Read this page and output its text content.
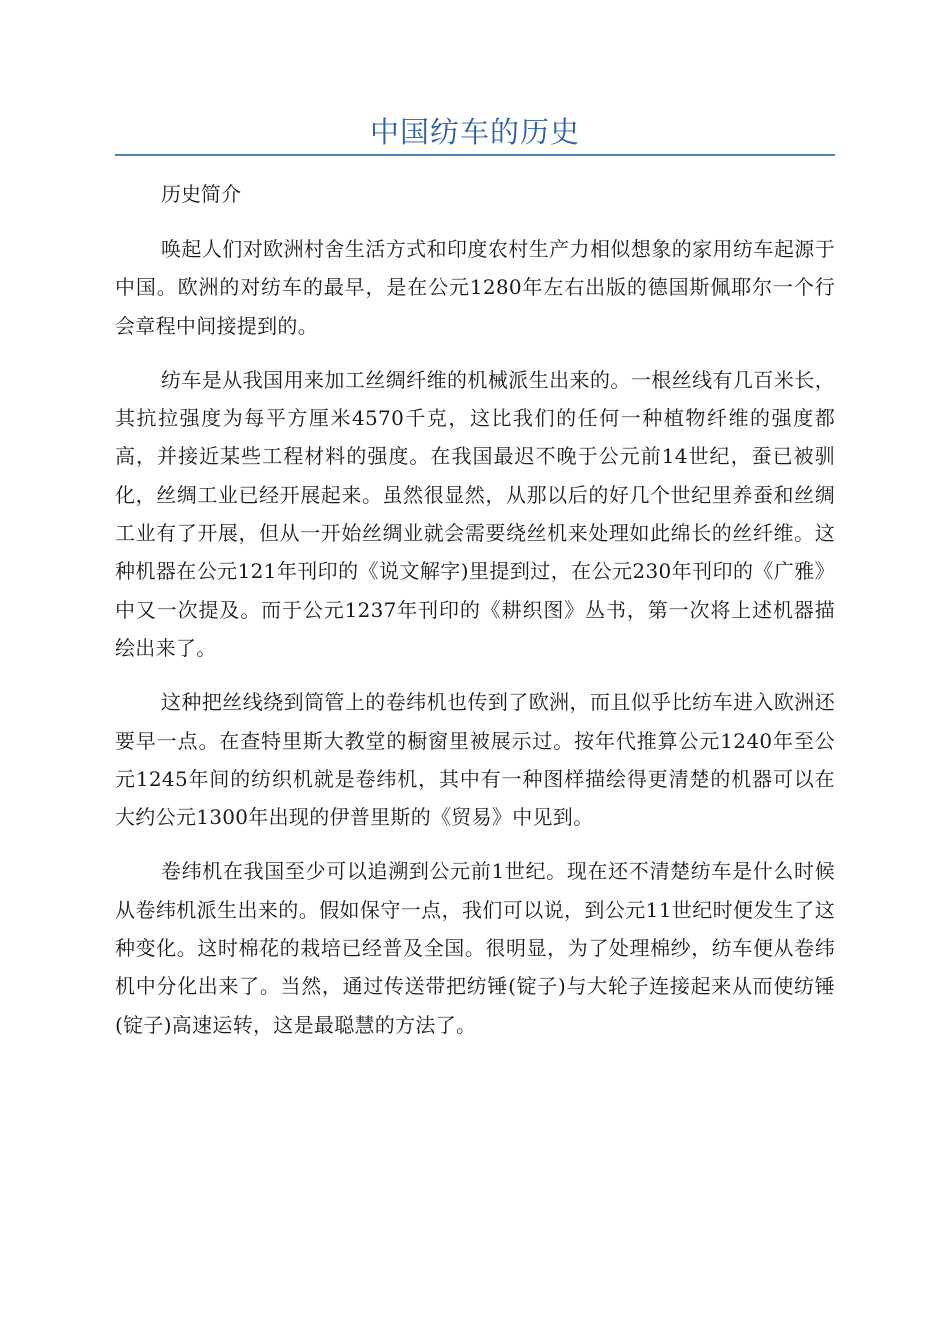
中国纺车的历史

历史简介

唤起人们对欧洲村舍生活方式和印度农村生产力相似想象的家用纺车起源于中国。欧洲的对纺车的最早，是在公元1280年左右出版的德国斯佩耶尔一个行会章程中间接提到的。

纺车是从我国用来加工丝绸纤维的机械派生出来的。一根丝线有几百米长，其抗拉强度为每平方厘米4570千克，这比我们的任何一种植物纤维的强度都高，并接近某些工程材料的强度。在我国最迟不晚于公元前14世纪，蚕已被驯化，丝绸工业已经开展起来。虽然很显然，从那以后的好几个世纪里养蚕和丝绸工业有了开展，但从一开始丝绸业就会需要绕丝机来处理如此绵长的丝纤维。这种机器在公元121年刊印的《说文解字)里提到过，在公元230年刊印的《广雅》中又一次提及。而于公元1237年刊印的《耕织图》丛书，第一次将上述机器描绘出来了。

这种把丝线绕到筒管上的卷纬机也传到了欧洲，而且似乎比纺车进入欧洲还要早一点。在查特里斯大教堂的橱窗里被展示过。按年代推算公元1240年至公元1245年间的纺织机就是卷纬机，其中有一种图样描绘得更清楚的机器可以在大约公元1300年出现的伊普里斯的《贸易》中见到。

卷纬机在我国至少可以追溯到公元前1世纪。现在还不清楚纺车是什么时候从卷纬机派生出来的。假如保守一点，我们可以说，到公元11世纪时便发生了这种变化。这时棉花的栽培已经普及全国。很明显，为了处理棉纱，纺车便从卷纬机中分化出来了。当然，通过传送带把纺锤(锭子)与大轮子连接起来从而使纺锤(锭子)高速运转，这是最聪慧的方法了。
